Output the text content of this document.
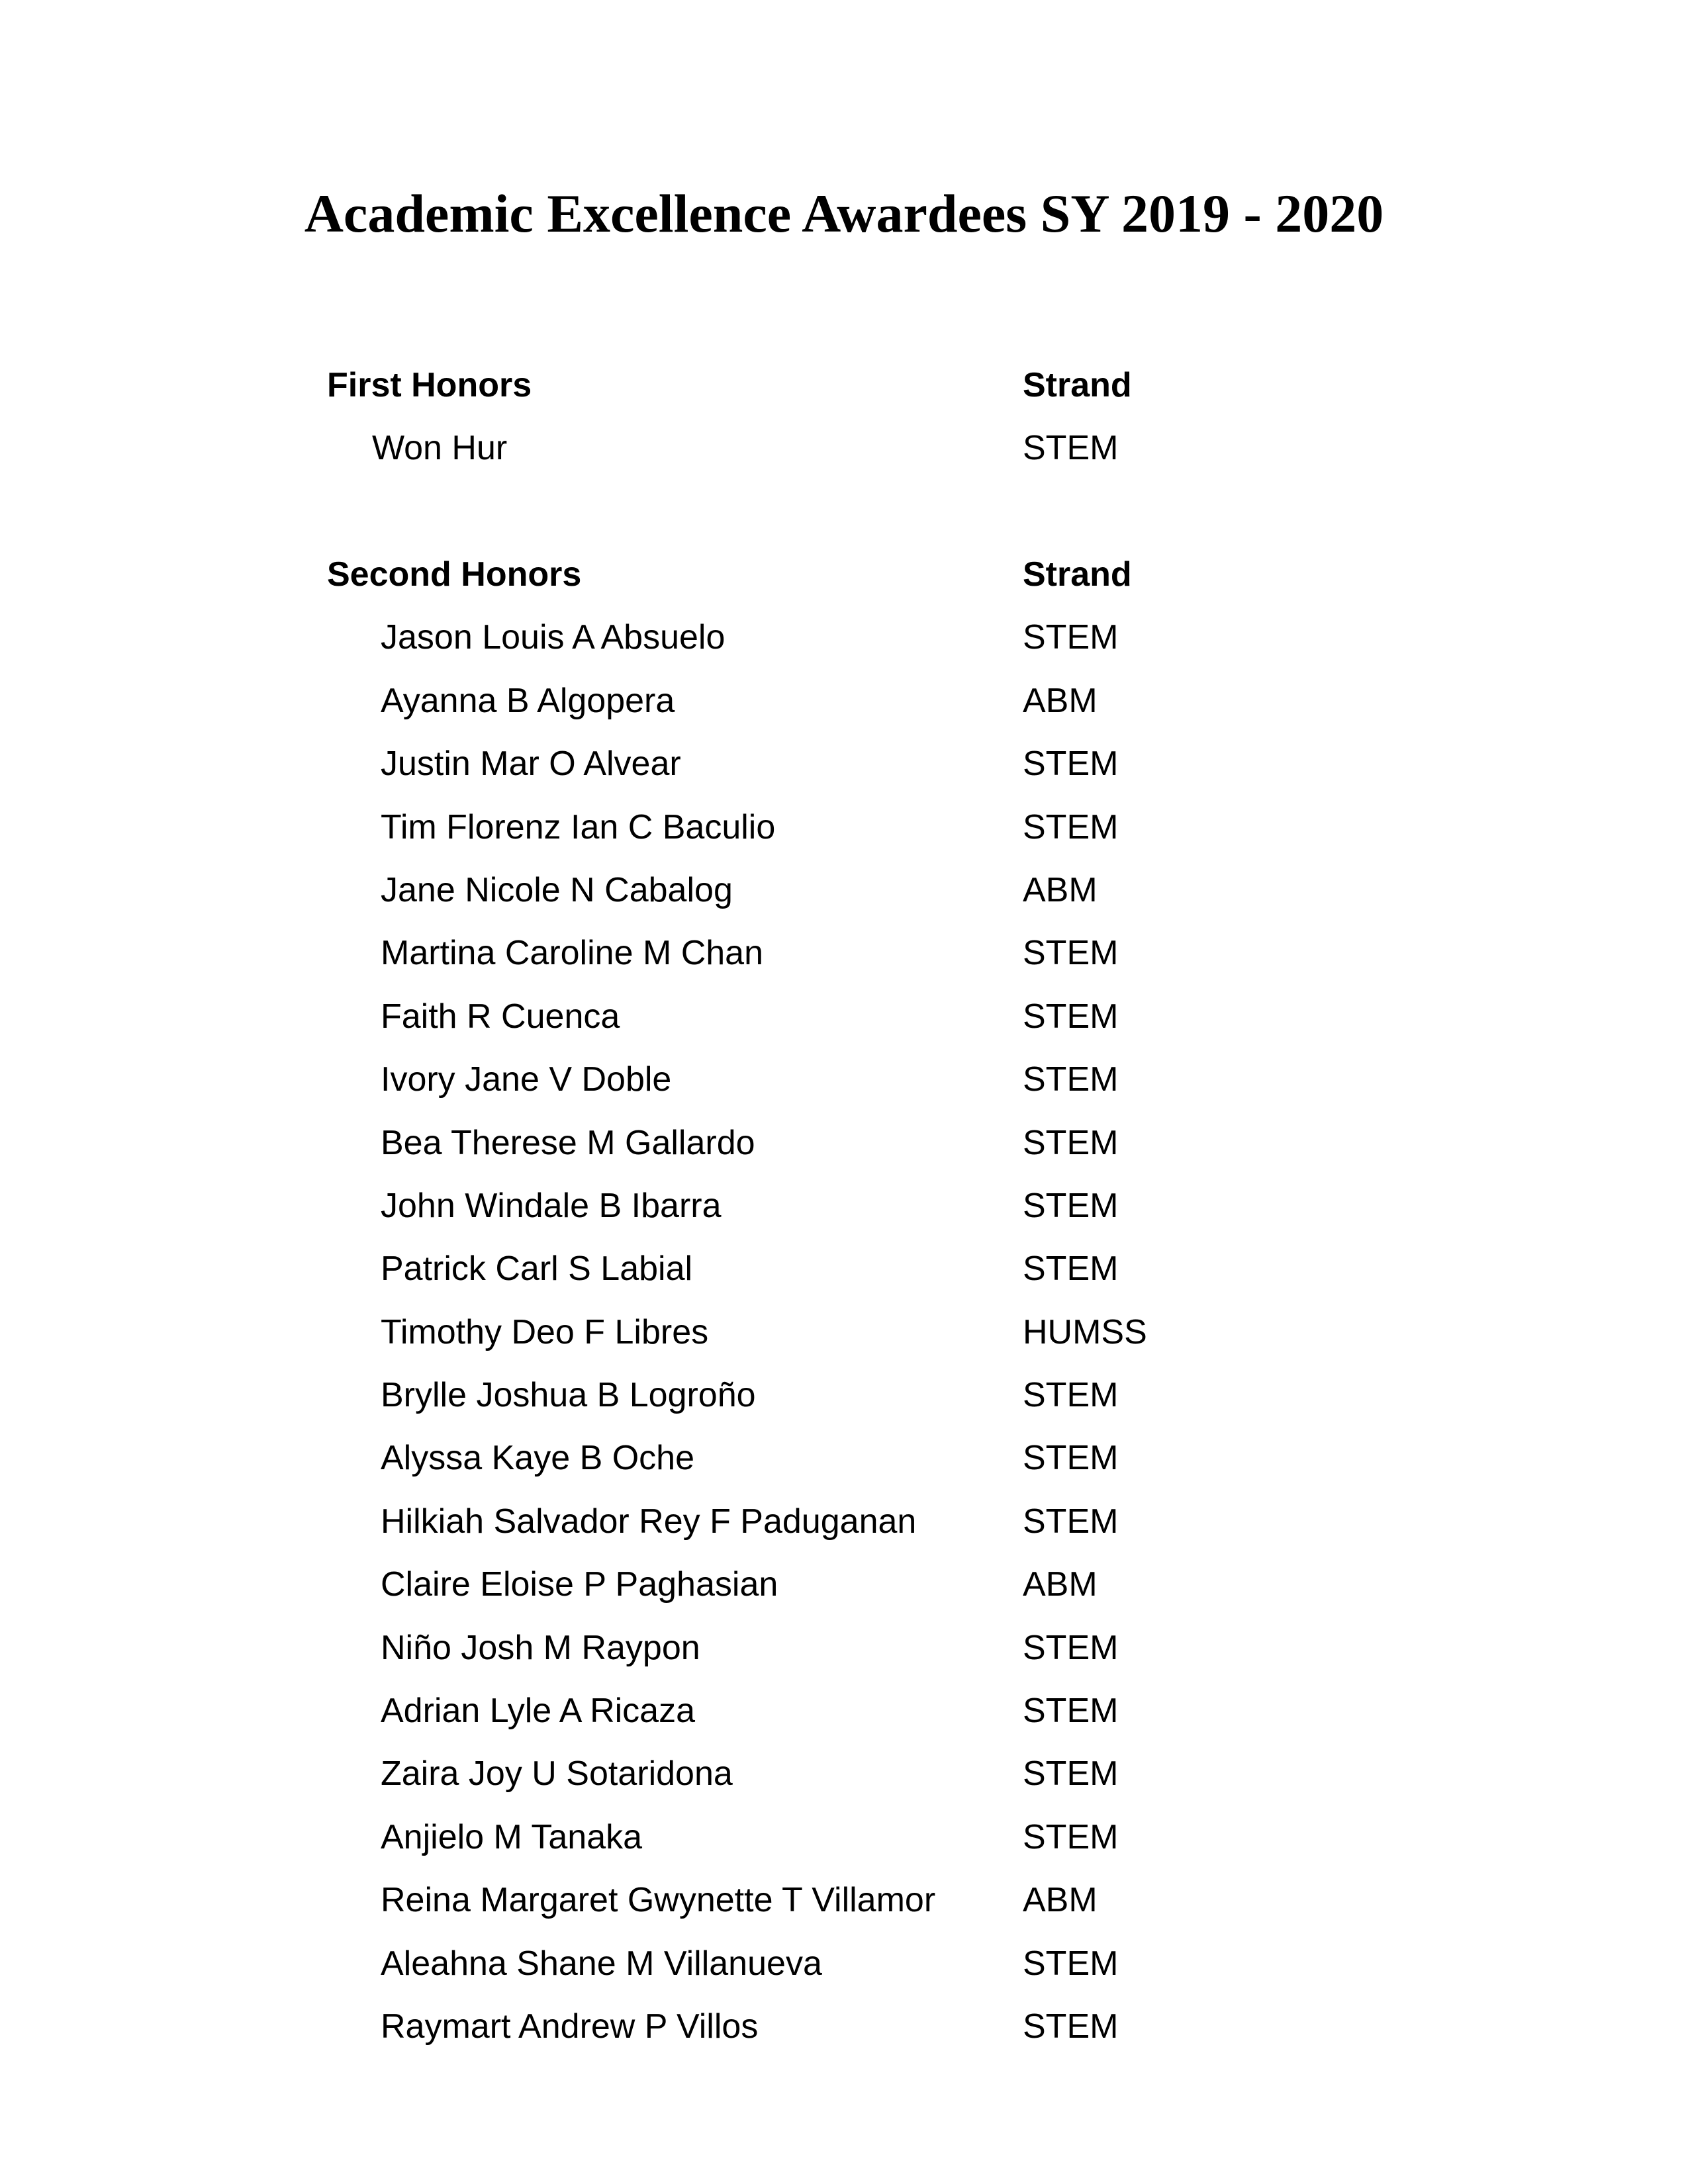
Academic Excellence Awardees SY 2019 - 2020
First Honors	Strand
Won Hur	STEM
Second Honors	Strand
Jason Louis A Absuelo	STEM
Ayanna B Algopera	ABM
Justin Mar O Alvear	STEM
Tim Florenz Ian C Baculio	STEM
Jane Nicole N Cabalog	ABM
Martina Caroline M Chan	STEM
Faith R Cuenca	STEM
Ivory Jane V Doble	STEM
Bea Therese M Gallardo	STEM
John Windale B Ibarra	STEM
Patrick Carl S Labial	STEM
Timothy Deo F Libres	HUMSS
Brylle Joshua B Logroño	STEM
Alyssa Kaye B Oche	STEM
Hilkiah Salvador Rey F Paduganan	STEM
Claire Eloise P Paghasian	ABM
Niño Josh M Raypon	STEM
Adrian Lyle A Ricaza	STEM
Zaira Joy U Sotaridona	STEM
Anjielo M Tanaka	STEM
Reina Margaret Gwynette T Villamor	ABM
Aleahna Shane M Villanueva	STEM
Raymart Andrew P Villos	STEM
